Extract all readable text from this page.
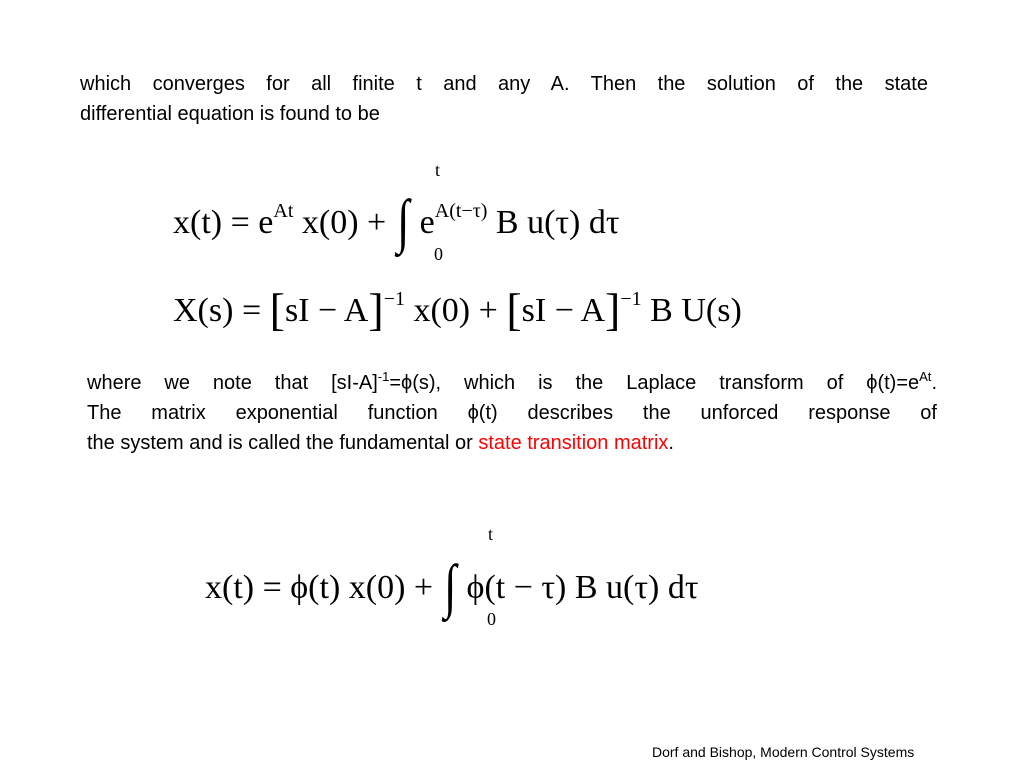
which converges for all finite t and any A. Then the solution of the state
differential equation is found to be
x(t) = eAt x(0) + ∫ eA(t−τ) B u(τ) dτ
t
0
X(s) = [sI − A]−1 x(0) + [sI − A]−1 B U(s)
where we note that $[sI-A]^{-1}=\phi(s)$, which is the Laplace transform of $\phi(t)=e^{At}$.
The matrix exponential function ϕ(t) describes the unforced response of
the system and is called the fundamental or state transition matrix.
x(t) = ϕ(t) x(0) + ∫ ϕ(t − τ) B u(τ) dτ
t
0
Dorf and Bishop, Modern Control Systems
